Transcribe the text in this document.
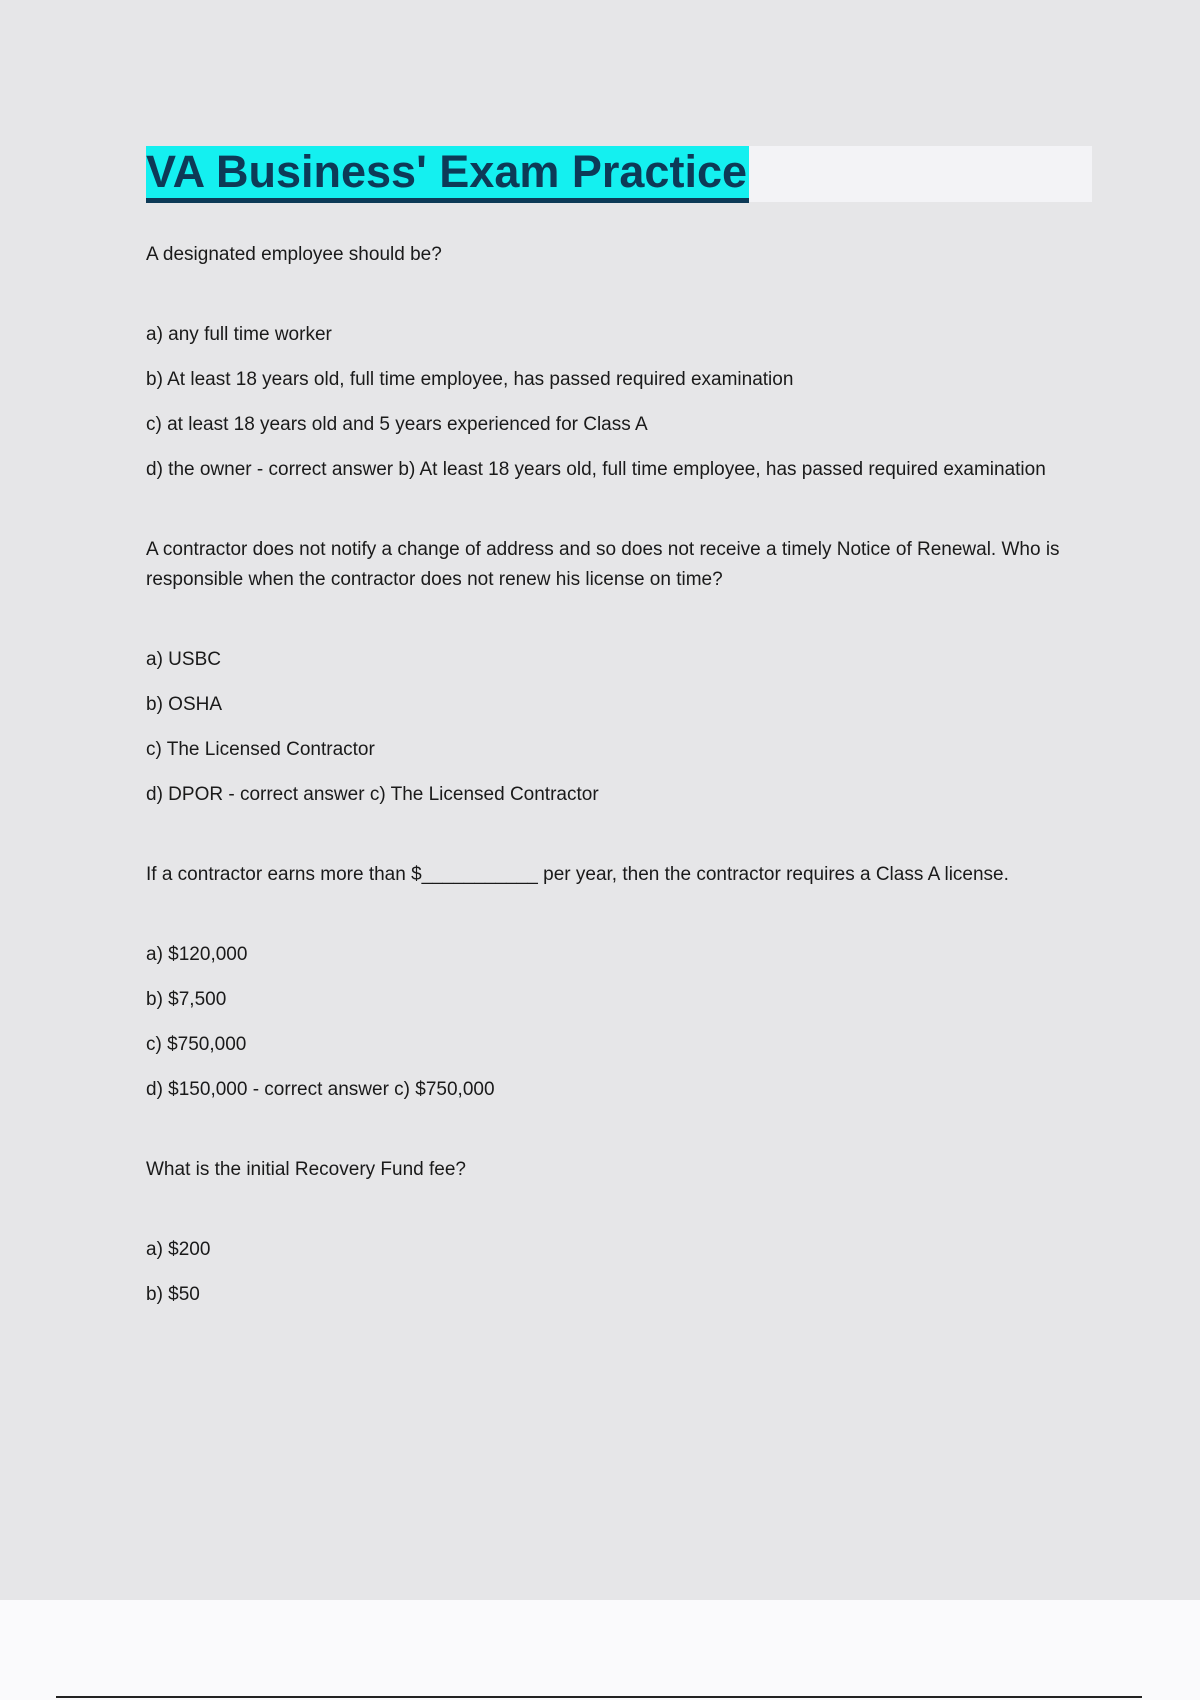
VA Business' Exam Practice
A designated employee should be?
a) any full time worker
b) At least 18 years old, full time employee, has passed required examination
c) at least 18 years old and 5 years experienced for Class A
d) the owner - correct answer b) At least 18 years old, full time employee, has passed required examination
A contractor does not notify a change of address and so does not receive a timely Notice of Renewal. Who is responsible when the contractor does not renew his license on time?
a) USBC
b) OSHA
c) The Licensed Contractor
d) DPOR - correct answer c) The Licensed Contractor
If a contractor earns more than $___________ per year, then the contractor requires a Class A license.
a) $120,000
b) $7,500
c) $750,000
d) $150,000 - correct answer c) $750,000
What is the initial Recovery Fund fee?
a) $200
b) $50
